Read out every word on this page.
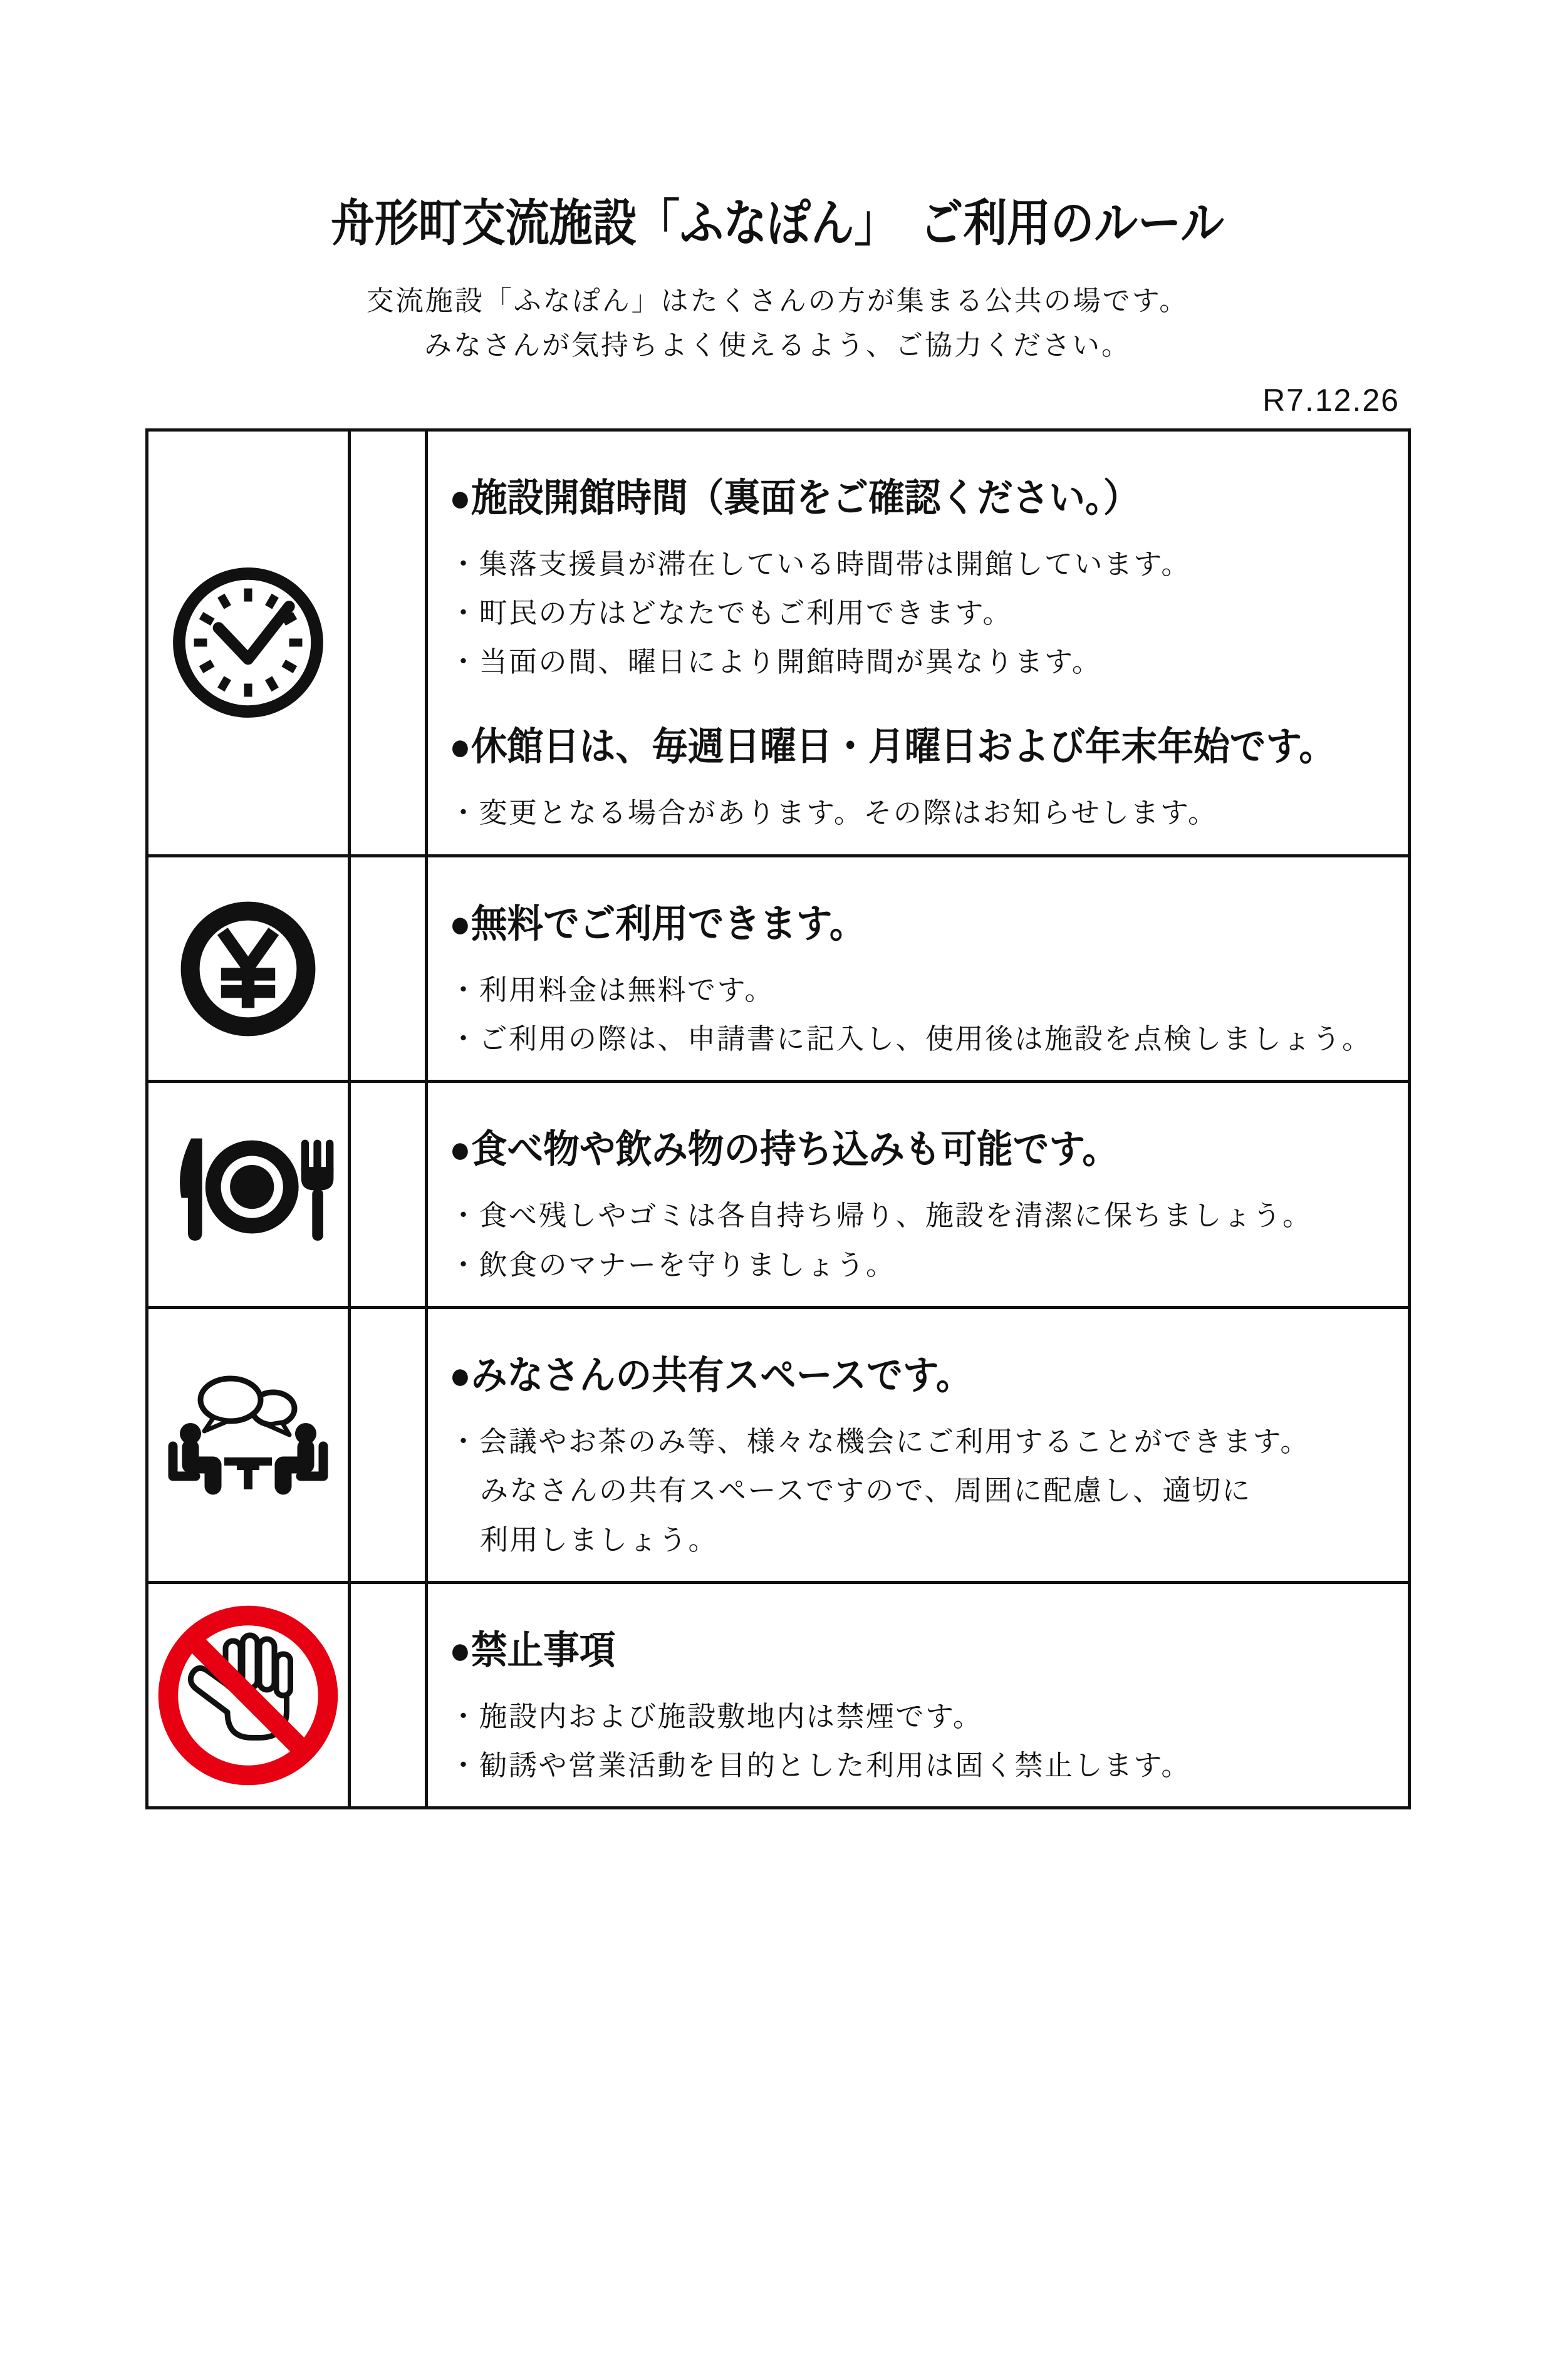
舟形町交流施設「ふなぽん」　ご利用のルール
交流施設「ふなぽん」はたくさんの方が集まる公共の場です。
みなさんが気持ちよく使えるよう、ご協力ください。
R7.12.26

●施設開館時間（裏面をご確認ください。）
・集落支援員が滞在している時間帯は開館しています。
・町民の方はどなたでもご利用できます。
・当面の間、曜日により開館時間が異なります。
●休館日は、毎週日曜日・月曜日および年末年始です。
・変更となる場合があります。その際はお知らせします。

●無料でご利用できます。
・利用料金は無料です。
・ご利用の際は、申請書に記入し、使用後は施設を点検しましょう。

●食べ物や飲み物の持ち込みも可能です。
・食べ残しやゴミは各自持ち帰り、施設を清潔に保ちましょう。
・飲食のマナーを守りましょう。

●みなさんの共有スペースです。
・会議やお茶のみ等、様々な機会にご利用することができます。
みなさんの共有スペースですので、周囲に配慮し、適切に
利用しましょう。

●禁止事項
・施設内および施設敷地内は禁煙です。
・勧誘や営業活動を目的とした利用は固く禁止します。
